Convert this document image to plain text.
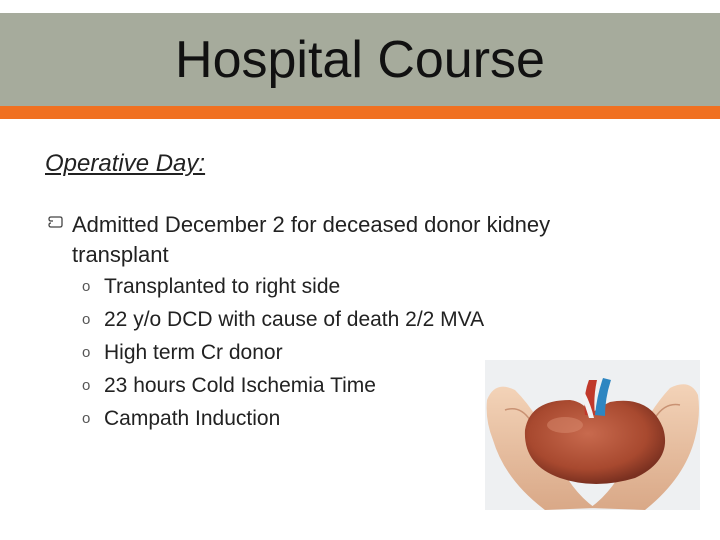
Hospital Course
Operative Day:
Admitted December 2 for deceased donor kidney transplant
o Transplanted to right side
o 22 y/o DCD with cause of death 2/2 MVA
o High term Cr donor
o 23 hours Cold Ischemia Time
o Campath Induction
